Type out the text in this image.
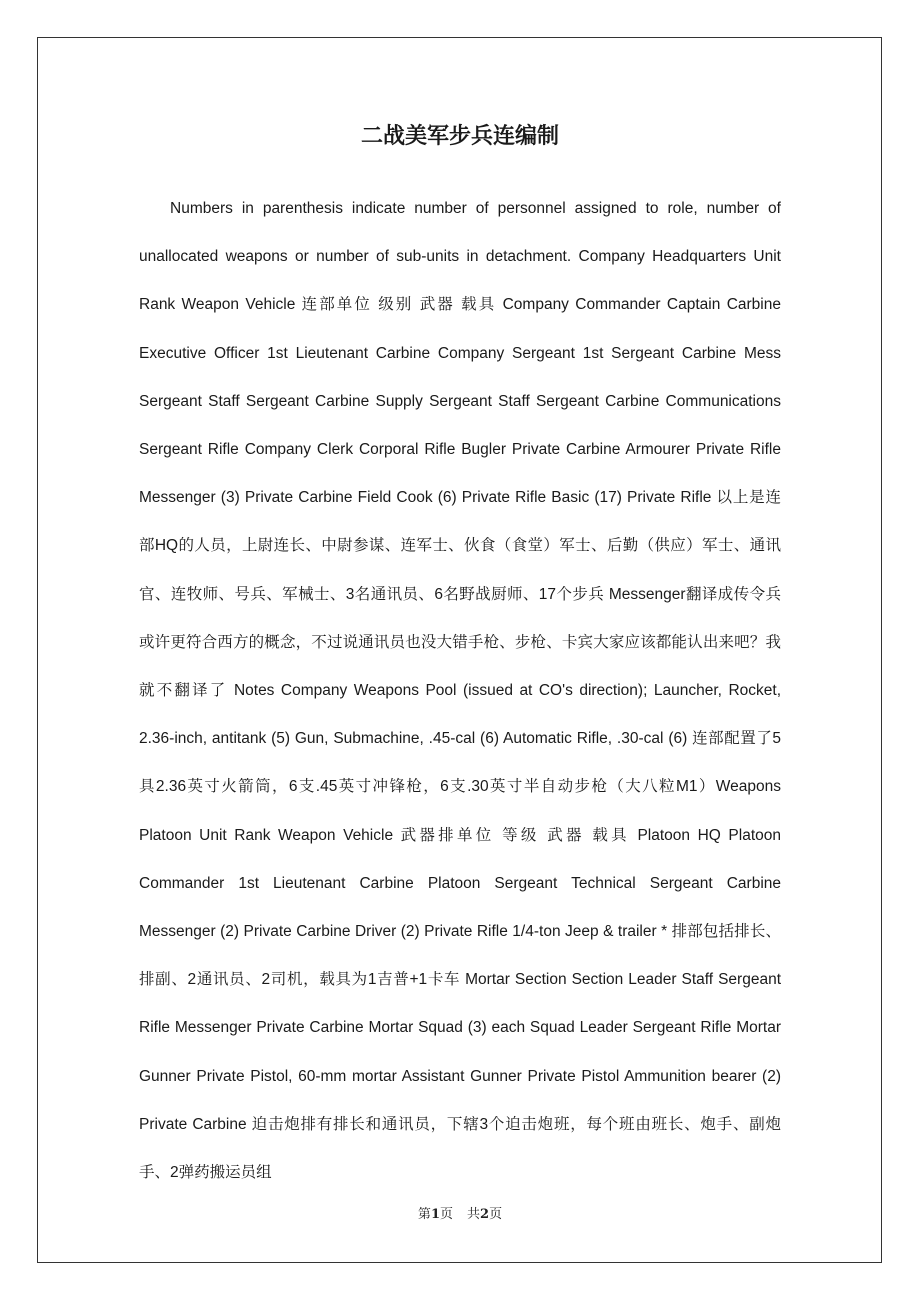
二战美军步兵连编制

Numbers in parenthesis indicate number of personnel assigned to role, number of unallocated weapons or number of sub-units in detachment. Company Headquarters Unit Rank Weapon Vehicle 连部单位 级别 武器 载具 Company Commander Captain Carbine Executive Officer 1st Lieutenant Carbine Company Sergeant 1st Sergeant Carbine Mess Sergeant Staff Sergeant Carbine Supply Sergeant Staff Sergeant Carbine Communications Sergeant Rifle Company Clerk Corporal Rifle Bugler Private Carbine Armourer Private Rifle Messenger (3) Private Carbine Field Cook (6) Private Rifle Basic (17) Private Rifle 以上是连部HQ的人员，上尉连长、中尉参谋、连军士、伙食（食堂）军士、后勤（供应）军士、通讯官、连牧师、号兵、军械士、3名通讯员、6名野战厨师、17个步兵 Messenger翻译成传令兵或许更符合西方的概念，不过说通讯员也没大错手枪、步枪、卡宾大家应该都能认出来吧？我就不翻译了 Notes Company Weapons Pool (issued at CO's direction); Launcher, Rocket, 2.36-inch, antitank (5) Gun, Submachine, .45-cal (6) Automatic Rifle, .30-cal (6) 连部配置了5具2.36英寸火箭筒，6支.45英寸冲锋枪，6支.30英寸半自动步枪（大八粒M1）Weapons Platoon Unit Rank Weapon Vehicle 武器排单位 等级 武器 载具 Platoon HQ Platoon Commander 1st Lieutenant Carbine Platoon Sergeant Technical Sergeant Carbine Messenger (2) Private Carbine Driver (2) Private Rifle 1/4-ton Jeep & trailer * 排部包括排长、排副、2通讯员、2司机，载具为1吉普+1卡车 Mortar Section Section Leader Staff Sergeant Rifle Messenger Private Carbine Mortar Squad (3) each Squad Leader Sergeant Rifle Mortar Gunner Private Pistol, 60-mm mortar Assistant Gunner Private Pistol Ammunition bearer (2) Private Carbine 迫击炮排有排长和通讯员，下辖3个迫击炮班，每个班由班长、炮手、副炮手、2弹药搬运员组

第1页 共2页
